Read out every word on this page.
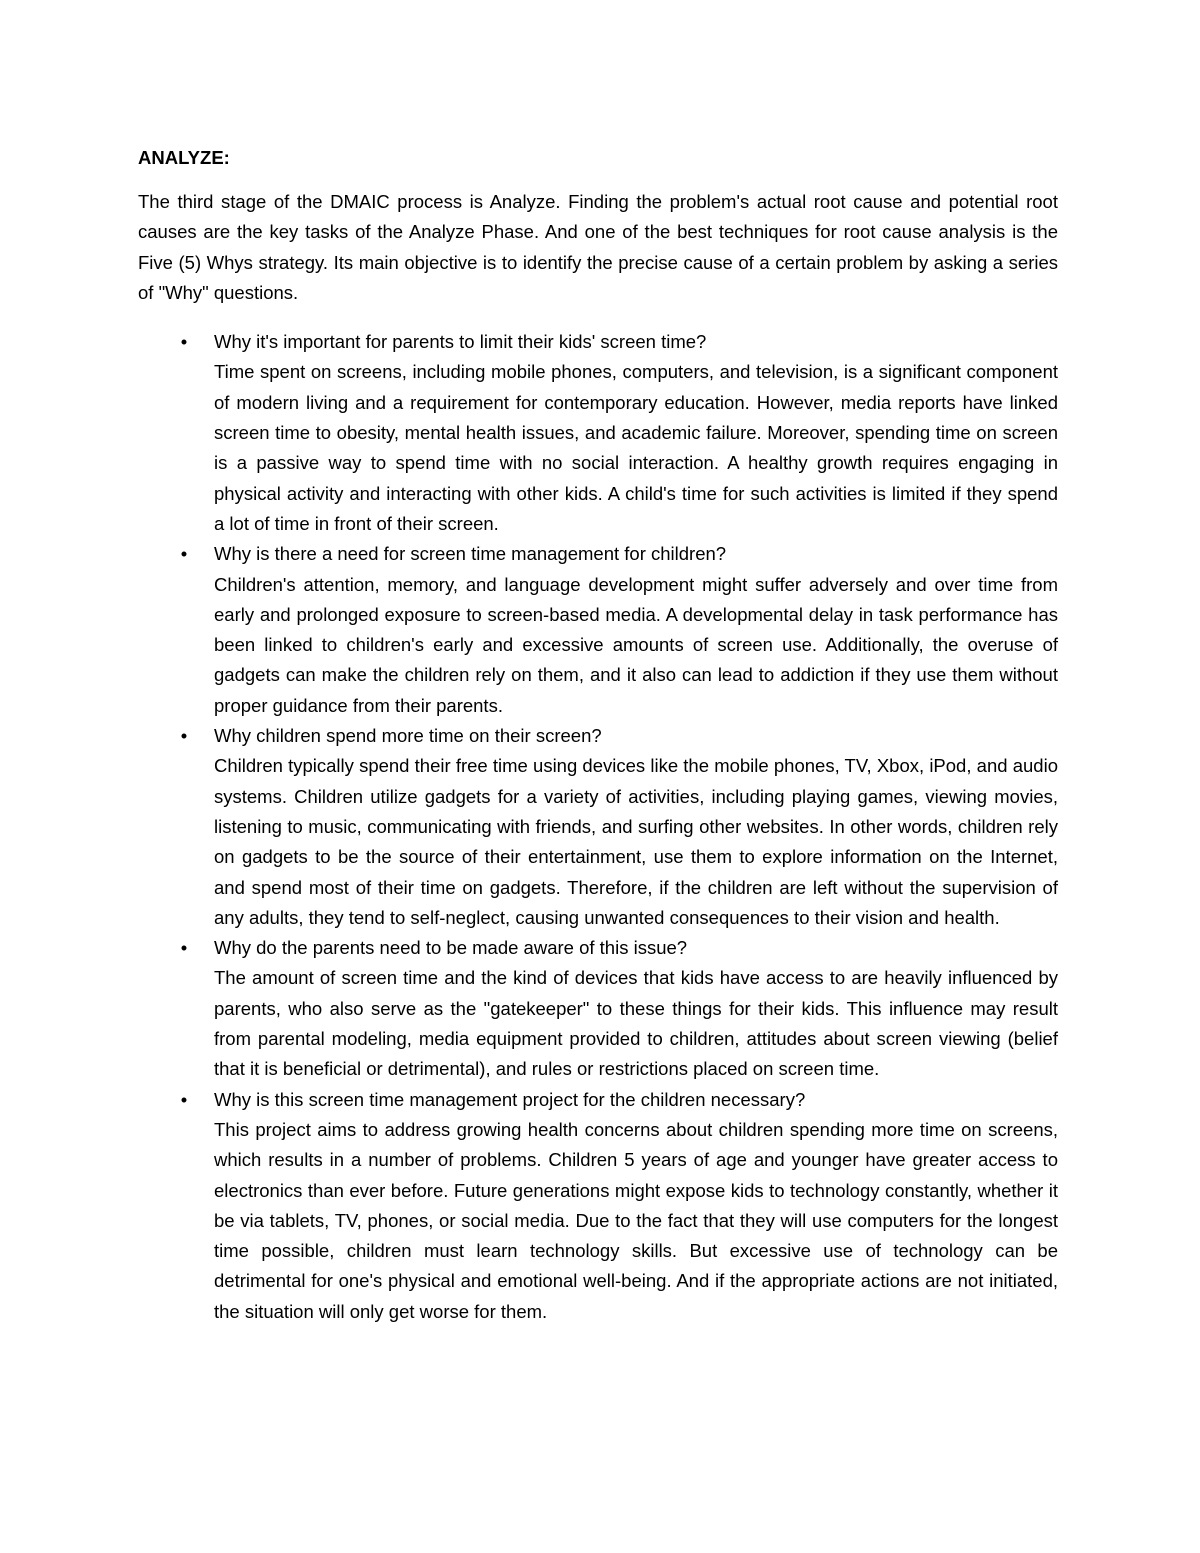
ANALYZE:

The third stage of the DMAIC process is Analyze. Finding the problem's actual root cause and potential root causes are the key tasks of the Analyze Phase. And one of the best techniques for root cause analysis is the Five (5) Whys strategy. Its main objective is to identify the precise cause of a certain problem by asking a series of "Why" questions.

•	Why it's important for parents to limit their kids' screen time?
Time spent on screens, including mobile phones, computers, and television, is a significant component of modern living and a requirement for contemporary education. However, media reports have linked screen time to obesity, mental health issues, and academic failure. Moreover, spending time on screen is a passive way to spend time with no social interaction. A healthy growth requires engaging in physical activity and interacting with other kids. A child's time for such activities is limited if they spend a lot of time in front of their screen.
•	Why is there a need for screen time management for children?
Children's attention, memory, and language development might suffer adversely and over time from early and prolonged exposure to screen-based media. A developmental delay in task performance has been linked to children's early and excessive amounts of screen use. Additionally, the overuse of gadgets can make the children rely on them, and it also can lead to addiction if they use them without proper guidance from their parents.
•	Why children spend more time on their screen?
Children typically spend their free time using devices like the mobile phones, TV, Xbox, iPod, and audio systems. Children utilize gadgets for a variety of activities, including playing games, viewing movies, listening to music, communicating with friends, and surfing other websites. In other words, children rely on gadgets to be the source of their entertainment, use them to explore information on the Internet, and spend most of their time on gadgets. Therefore, if the children are left without the supervision of any adults, they tend to self-neglect, causing unwanted consequences to their vision and health.
•	Why do the parents need to be made aware of this issue?
The amount of screen time and the kind of devices that kids have access to are heavily influenced by parents, who also serve as the "gatekeeper" to these things for their kids. This influence may result from parental modeling, media equipment provided to children, attitudes about screen viewing (belief that it is beneficial or detrimental), and rules or restrictions placed on screen time.
•	Why is this screen time management project for the children necessary?
This project aims to address growing health concerns about children spending more time on screens, which results in a number of problems. Children 5 years of age and younger have greater access to electronics than ever before. Future generations might expose kids to technology constantly, whether it be via tablets, TV, phones, or social media. Due to the fact that they will use computers for the longest time possible, children must learn technology skills. But excessive use of technology can be detrimental for one's physical and emotional well-being. And if the appropriate actions are not initiated, the situation will only get worse for them.
